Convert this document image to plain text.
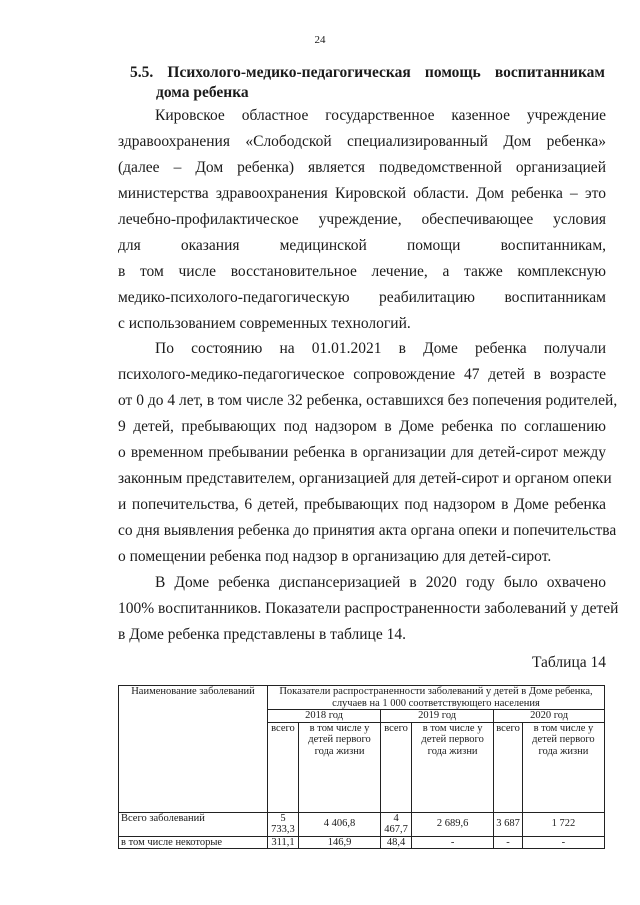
24
5.5. Психолого-медико-педагогическая помощь воспитанникам
дома ребенка
Кировское областное государственное казенное учреждение
здравоохранения «Слободской специализированный Дом ребенка»
(далее – Дом ребенка) является подведомственной организацией
министерства здравоохранения Кировской области. Дом ребенка – это
лечебно-профилактическое учреждение, обеспечивающее условия
для оказания медицинской помощи воспитанникам,
в том числе восстановительное лечение, а также комплексную
медико-психолого-педагогическую реабилитацию воспитанникам
с использованием современных технологий.
По состоянию на 01.01.2021 в Доме ребенка получали
психолого-медико-педагогическое сопровождение 47 детей в возрасте
от 0 до 4 лет, в том числе 32 ребенка, оставшихся без попечения родителей,
9 детей, пребывающих под надзором в Доме ребенка по соглашению
о временном пребывании ребенка в организации для детей-сирот между
законным представителем, организацией для детей-сирот и органом опеки
и попечительства, 6 детей, пребывающих под надзором в Доме ребенка
со дня выявления ребенка до принятия акта органа опеки и попечительства
о помещении ребенка под надзор в организацию для детей-сирот.
В Доме ребенка диспансеризацией в 2020 году было охвачено
100% воспитанников. Показатели распространенности заболеваний у детей
в Доме ребенка представлены в таблице 14.
Таблица 14
Наименование заболеваний	Показатели распространенности заболеваний у детей в Доме ребенка, случаев на 1 000 соответствующего населения					
	2018 год		2019 год		2020 год	
	всего	в том числе у детей первого года жизни	всего	в том числе у детей первого года жизни	всего	в том числе у детей первого года жизни
Всего заболеваний	5 733,3	4 406,8	4 467,7	2 689,6	3 687	1 722
в том числе некоторые	311,1	146,9	48,4	-	-	-
